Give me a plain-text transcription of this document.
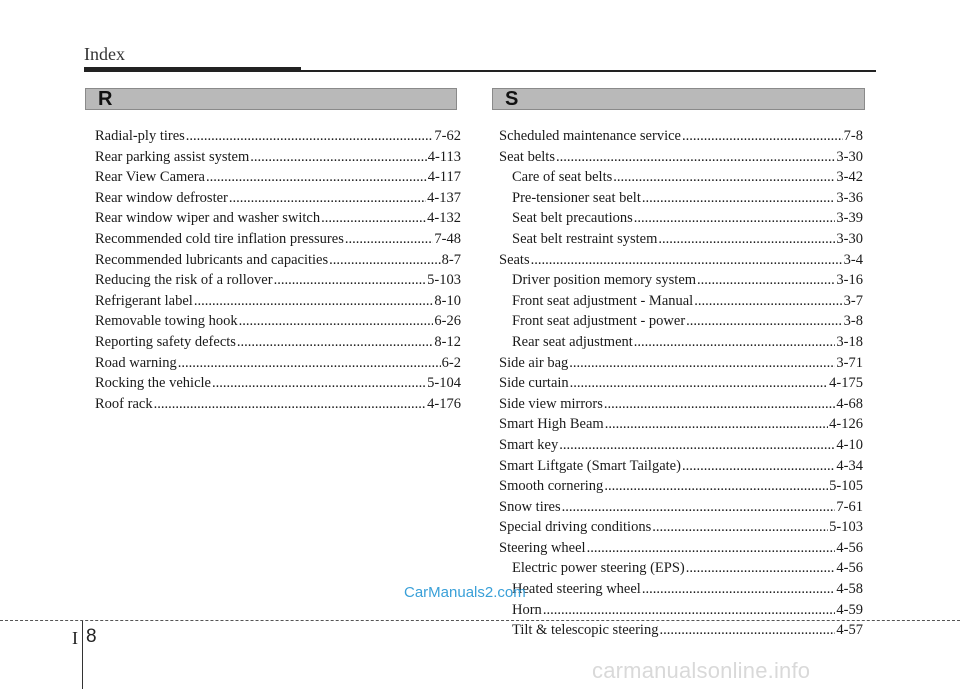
Index
R	S
Radial-ply tires .....	7-62
Rear parking assist system .....	4-113
Rear View Camera .....	4-117
Rear window defroster .....	4-137
Rear window wiper and washer switch .....	4-132
Recommended cold tire inflation pressures .....	7-48
Recommended lubricants and capacities .....	8-7
Reducing the risk of a rollover .....	5-103
Refrigerant label .....	8-10
Removable towing hook .....	6-26
Reporting safety defects .....	8-12
Road warning .....	6-2
Rocking the vehicle .....	5-104
Roof rack .....	4-176
Scheduled maintenance service .....	7-8
Seat belts .....	3-30
Care of seat belts .....	3-42
Pre-tensioner seat belt .....	3-36
Seat belt precautions .....	3-39
Seat belt restraint system .....	3-30
Seats .....	3-4
Driver position memory system .....	3-16
Front seat adjustment - Manual .....	3-7
Front seat adjustment - power .....	3-8
Rear seat adjustment .....	3-18
Side air bag .....	3-71
Side curtain .....	4-175
Side view mirrors .....	4-68
Smart High Beam .....	4-126
Smart key .....	4-10
Smart Liftgate (Smart Tailgate) .....	4-34
Smooth cornering .....	5-105
Snow tires .....	7-61
Special driving conditions .....	5-103
Steering wheel .....	4-56
Electric power steering (EPS) .....	4-56
Heated steering wheel .....	4-58
Horn .....	4-59
Tilt & telescopic steering .....	4-57
CarManuals2.com
I 8
carmanualsonline.info
